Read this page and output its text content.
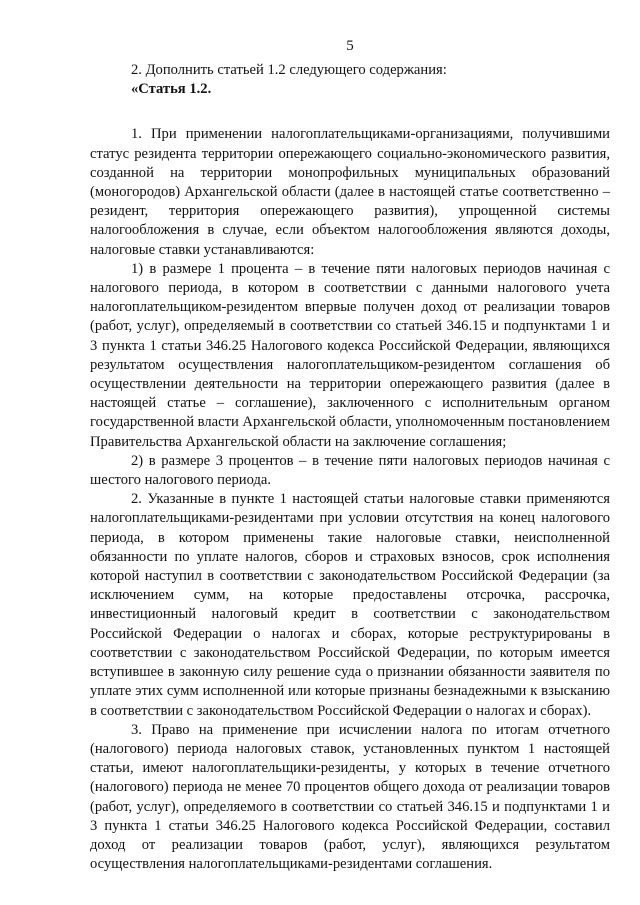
5

2. Дополнить статьей 1.2 следующего содержания:

«Статья 1.2.

1. При применении налогоплательщиками-организациями, получившими статус резидента территории опережающего социально-экономического развития, созданной на территории монопрофильных муниципальных образований (моногородов) Архангельской области (далее в настоящей статье соответственно – резидент, территория опережающего развития), упрощенной системы налогообложения в случае, если объектом налогообложения являются доходы, налоговые ставки устанавливаются:

1) в размере 1 процента – в течение пяти налоговых периодов начиная с налогового периода, в котором в соответствии с данными налогового учета налогоплательщиком-резидентом впервые получен доход от реализации товаров (работ, услуг), определяемый в соответствии со статьей 346.15 и подпунктами 1 и 3 пункта 1 статьи 346.25 Налогового кодекса Российской Федерации, являющихся результатом осуществления налогоплательщиком-резидентом соглашения об осуществлении деятельности на территории опережающего развития (далее в настоящей статье – соглашение), заключенного с исполнительным органом государственной власти Архангельской области, уполномоченным постановлением Правительства Архангельской области на заключение соглашения;

2) в размере 3 процентов – в течение пяти налоговых периодов начиная с шестого налогового периода.

2. Указанные в пункте 1 настоящей статьи налоговые ставки применяются налогоплательщиками-резидентами при условии отсутствия на конец налогового периода, в котором применены такие налоговые ставки, неисполненной обязанности по уплате налогов, сборов и страховых взносов, срок исполнения которой наступил в соответствии с законодательством Российской Федерации (за исключением сумм, на которые предоставлены отсрочка, рассрочка, инвестиционный налоговый кредит в соответствии с законодательством Российской Федерации о налогах и сборах, которые реструктурированы в соответствии с законодательством Российской Федерации, по которым имеется вступившее в законную силу решение суда о признании обязанности заявителя по уплате этих сумм исполненной или которые признаны безнадежными к взысканию в соответствии с законодательством Российской Федерации о налогах и сборах).

3. Право на применение при исчислении налога по итогам отчетного (налогового) периода налоговых ставок, установленных пунктом 1 настоящей статьи, имеют налогоплательщики-резиденты, у которых в течение отчетного (налогового) периода не менее 70 процентов общего дохода от реализации товаров (работ, услуг), определяемого в соответствии со статьей 346.15 и подпунктами 1 и 3 пункта 1 статьи 346.25 Налогового кодекса Российской Федерации, составил доход от реализации товаров (работ, услуг), являющихся результатом осуществления налогоплательщиками-резидентами соглашения.
